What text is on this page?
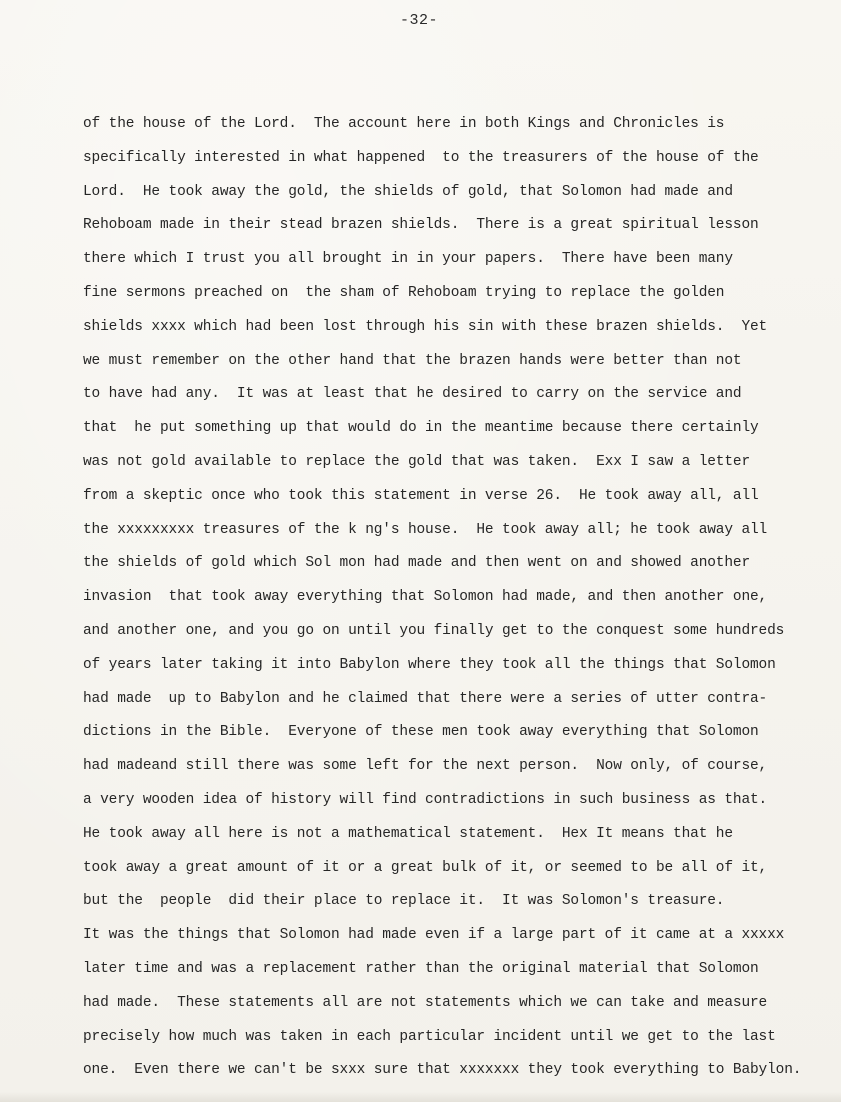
-32-
of the house of the Lord.  The account here in both Kings and Chronicles is
specifically interested in what happened  to the treasurers of the house of the
Lord.  He took away the gold, the shields of gold, that Solomon had made and
Rehoboam made in their stead brazen shields.  There is a great spiritual lesson
there which I trust you all brought in in your papers.  There have been many
fine sermons preached on  the sham of Rehoboam trying to replace the golden
shields xxxx which had been lost through his sin with these brazen shields.  Yet
we must remember on the other hand that the brazen hands were better than not
to have had any.  It was at least that he desired to carry on the service and
that  he put something up that would do in the meantime because there certainly
was not gold available to replace the gold that was taken.  Exx I saw a letter
from a skeptic once who took this statement in verse 26.  He took away all, all
the xxxxxxxxx treasures of the k ng's house.  He took away all; he took away all
the shields of gold which Sol mon had made and then went on and showed another
invasion  that took away everything that Solomon had made, and then another one,
and another one, and you go on until you finally get to the conquest some hundreds
of years later taking it into Babylon where they took all the things that Solomon
had made  up to Babylon and he claimed that there were a series of utter contra-
dictions in the Bible.  Everyone of these men took away everything that Solomon
had madeand still there was some left for the next person.  Now only, of course,
a very wooden idea of history will find contradictions in such business as that.
He took away all here is not a mathematical statement.  Hex It means that he
took away a great amount of it or a great bulk of it, or seemed to be all of it,
but the  people  did their place to replace it.  It was Solomon's treasure.
It was the things that Solomon had made even if a large part of it came at a xxxxx
later time and was a replacement rather than the original material that Solomon
had made.  These statements all are not statements which we can take and measure
precisely how much was taken in each particular incident until we get to the last
one.  Even there we can't be sxxx sure that xxxxxxx they took everything to Babylon.
